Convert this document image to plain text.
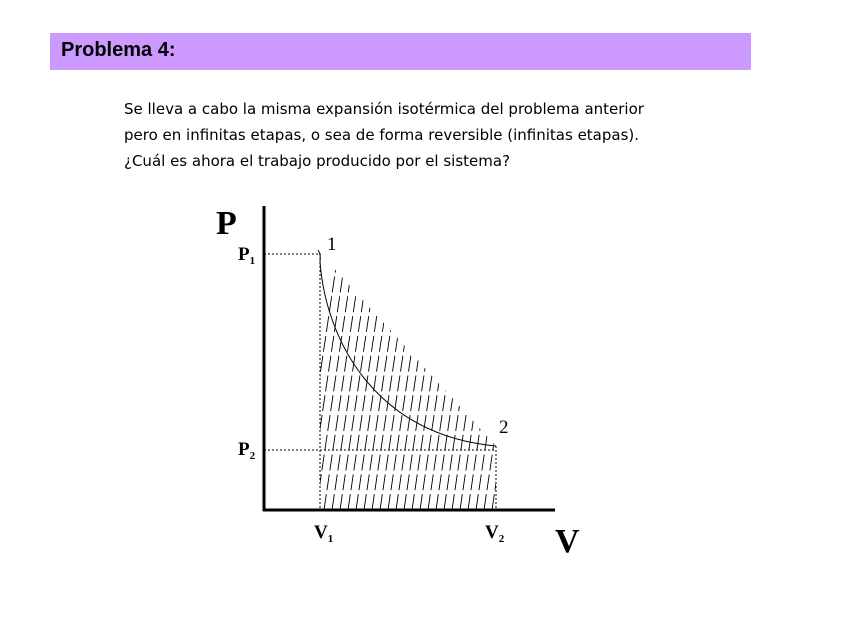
Problema 4:
Se lleva a cabo la misma expansión isotérmica del problema anterior
pero en infinitas etapas, o sea de forma reversible (infinitas etapas).
¿Cuál es ahora el trabajo producido por el sistema?
P
V
$P_1$
$P_2$
$V_1$	$V_2$
1
2
